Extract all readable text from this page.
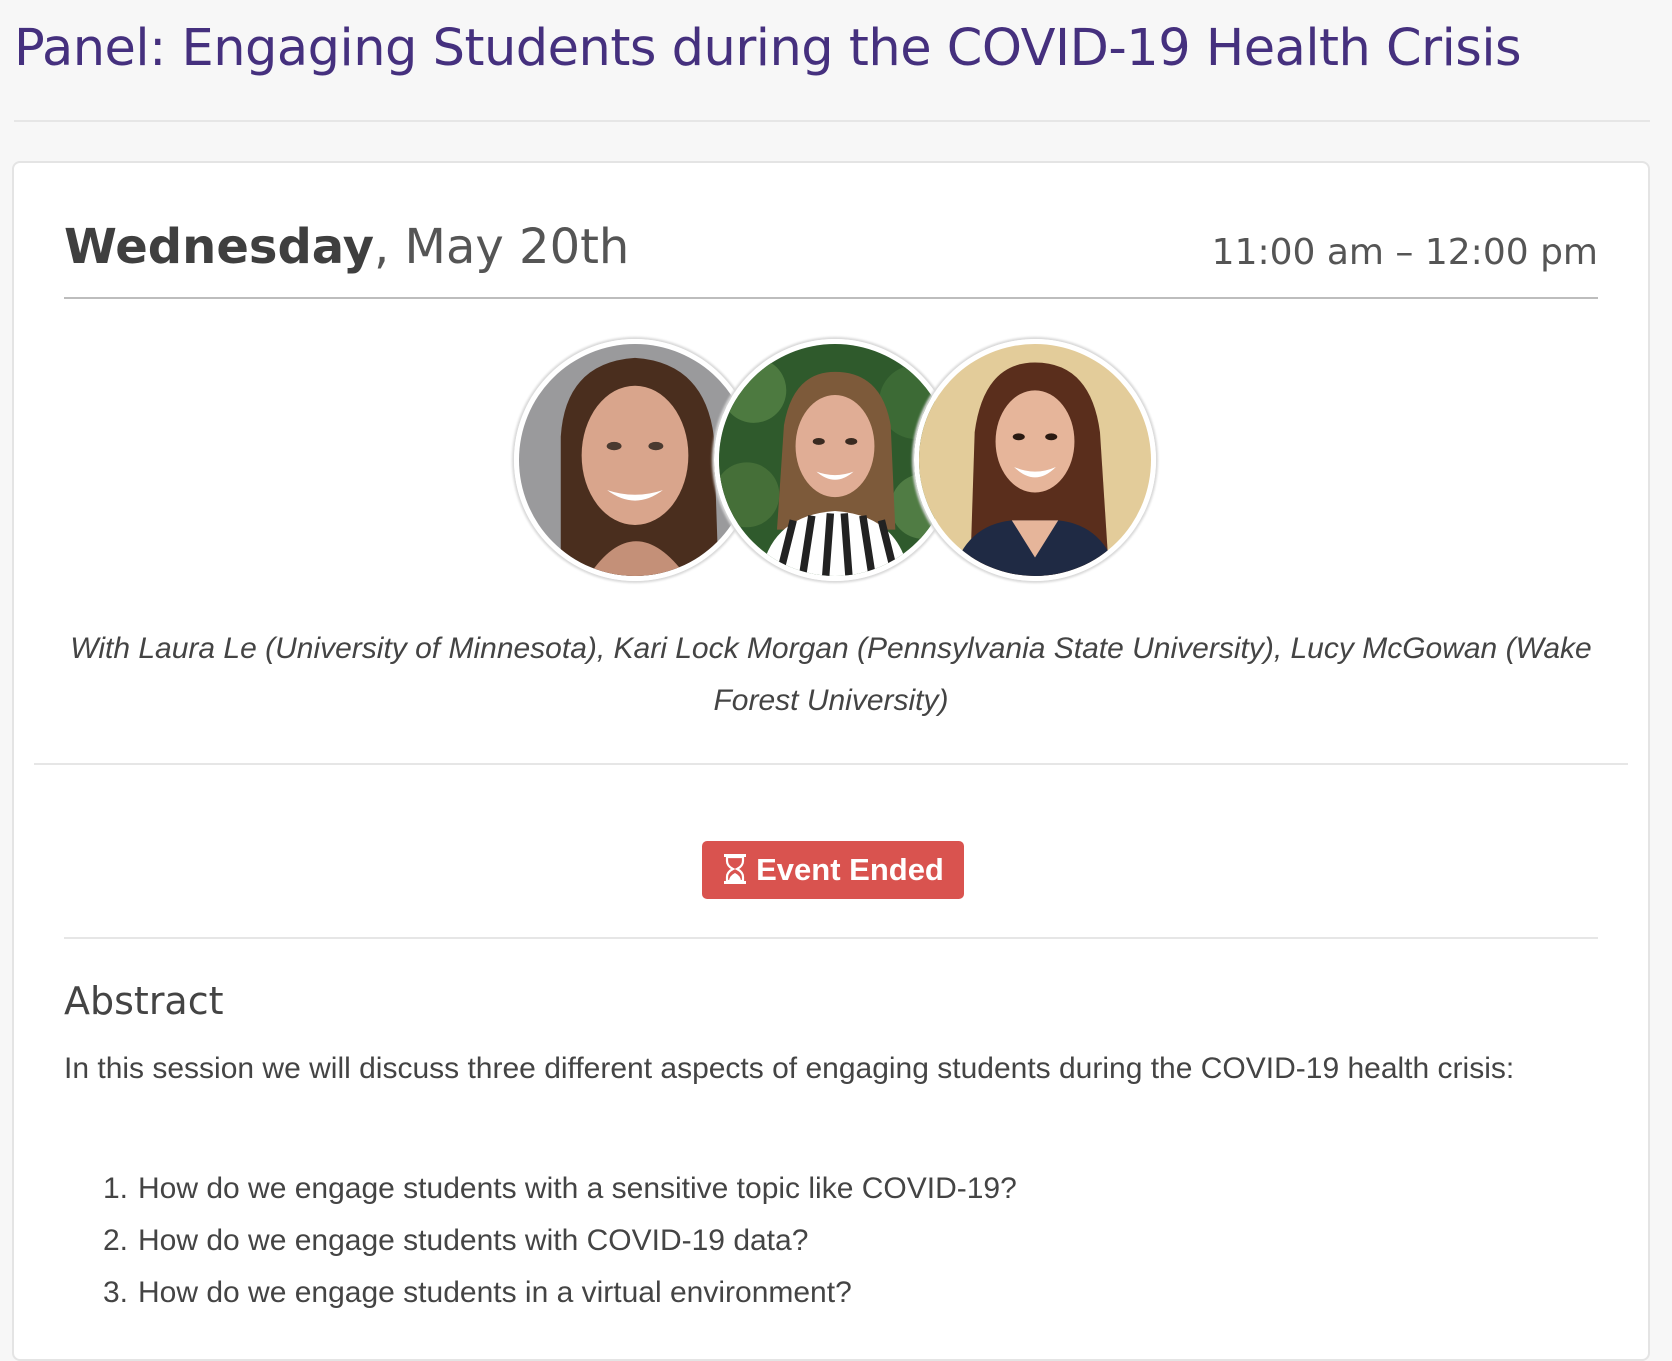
Panel: Engaging Students during the COVID-19 Health Crisis
Wednesday, May 20th	11:00 am – 12:00 pm

With Laura Le (University of Minnesota), Kari Lock Morgan (Pennsylvania State University), Lucy McGowan (Wake Forest University)

Event Ended
Abstract

In this session we will discuss three different aspects of engaging students during the COVID-19 health crisis:

1. How do we engage students with a sensitive topic like COVID-19?
2. How do we engage students with COVID-19 data?
3. How do we engage students in a virtual environment?
